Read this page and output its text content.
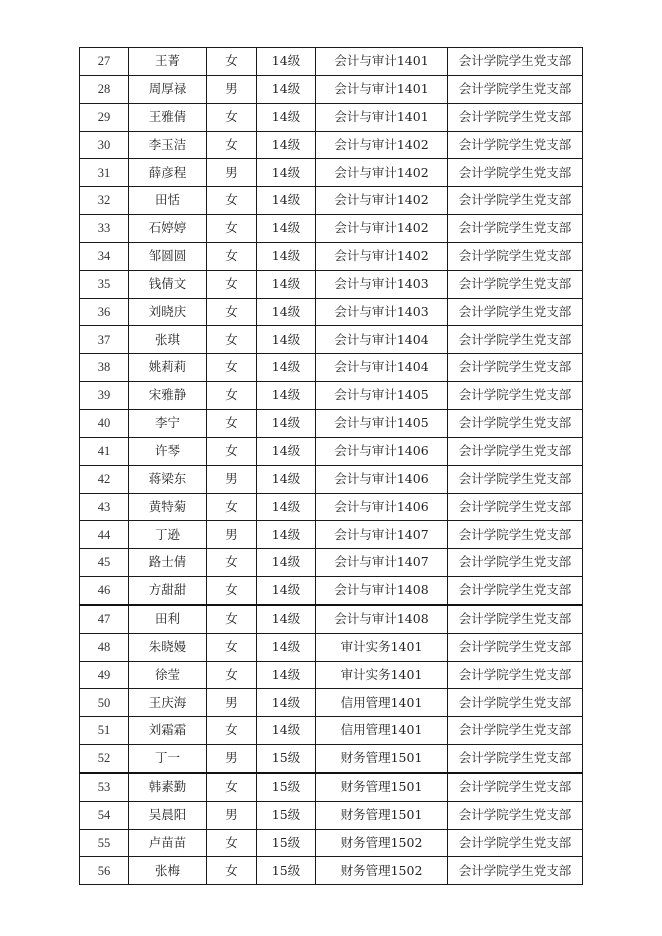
27	王菁	女	14级	会计与审计1401	会计学院学生党支部
28	周厚禄	男	14级	会计与审计1401	会计学院学生党支部
29	王雅倩	女	14级	会计与审计1401	会计学院学生党支部
30	李玉洁	女	14级	会计与审计1402	会计学院学生党支部
31	薛彦程	男	14级	会计与审计1402	会计学院学生党支部
32	田恬	女	14级	会计与审计1402	会计学院学生党支部
33	石婷婷	女	14级	会计与审计1402	会计学院学生党支部
34	邹圆圆	女	14级	会计与审计1402	会计学院学生党支部
35	钱倩文	女	14级	会计与审计1403	会计学院学生党支部
36	刘晓庆	女	14级	会计与审计1403	会计学院学生党支部
37	张琪	女	14级	会计与审计1404	会计学院学生党支部
38	姚莉莉	女	14级	会计与审计1404	会计学院学生党支部
39	宋雅静	女	14级	会计与审计1405	会计学院学生党支部
40	李宁	女	14级	会计与审计1405	会计学院学生党支部
41	许琴	女	14级	会计与审计1406	会计学院学生党支部
42	蒋梁东	男	14级	会计与审计1406	会计学院学生党支部
43	黄特菊	女	14级	会计与审计1406	会计学院学生党支部
44	丁逊	男	14级	会计与审计1407	会计学院学生党支部
45	路士倩	女	14级	会计与审计1407	会计学院学生党支部
46	方甜甜	女	14级	会计与审计1408	会计学院学生党支部
47	田利	女	14级	会计与审计1408	会计学院学生党支部
48	朱晓嫚	女	14级	审计实务1401	会计学院学生党支部
49	徐莹	女	14级	审计实务1401	会计学院学生党支部
50	王庆海	男	14级	信用管理1401	会计学院学生党支部
51	刘霜霜	女	14级	信用管理1401	会计学院学生党支部
52	丁一	男	15级	财务管理1501	会计学院学生党支部
53	韩素勤	女	15级	财务管理1501	会计学院学生党支部
54	吴晨阳	男	15级	财务管理1501	会计学院学生党支部
55	卢苗苗	女	15级	财务管理1502	会计学院学生党支部
56	张梅	女	15级	财务管理1502	会计学院学生党支部
